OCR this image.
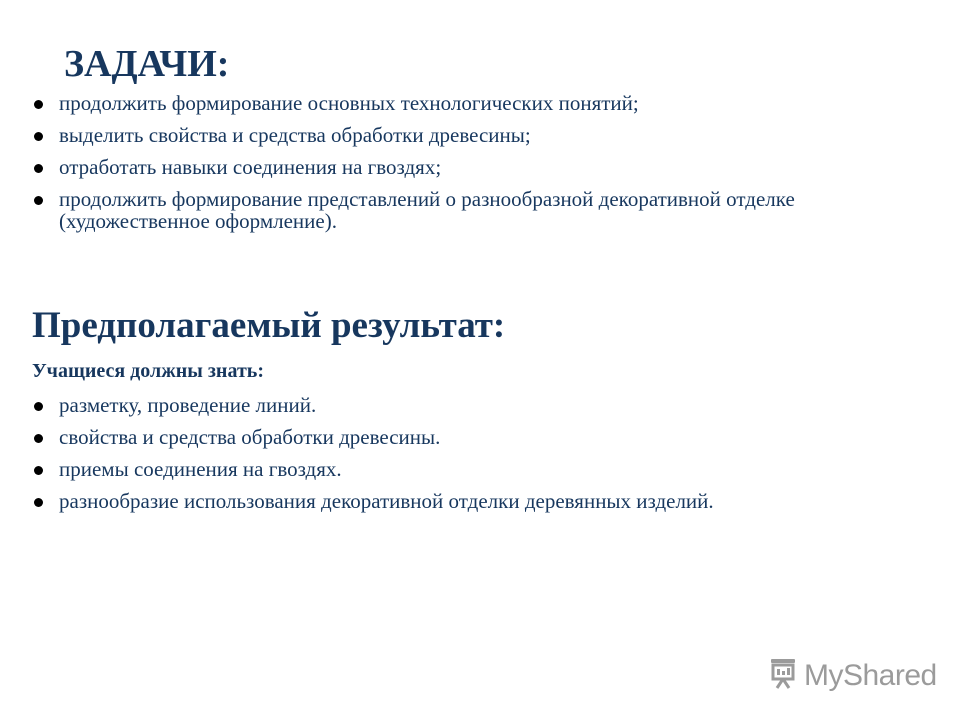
ЗАДАЧИ:
продолжить формирование основных технологических понятий;
выделить свойства и средства обработки древесины;
отработать навыки соединения на гвоздях;
продолжить формирование представлений о разнообразной декоративной отделке (художественное оформление).
Предполагаемый результат:

Учащиеся должны знать:

разметку, проведение линий.
свойства и средства обработки древесины.
приемы соединения на гвоздях.
разнообразие использования декоративной отделки деревянных изделий.
MyShared
